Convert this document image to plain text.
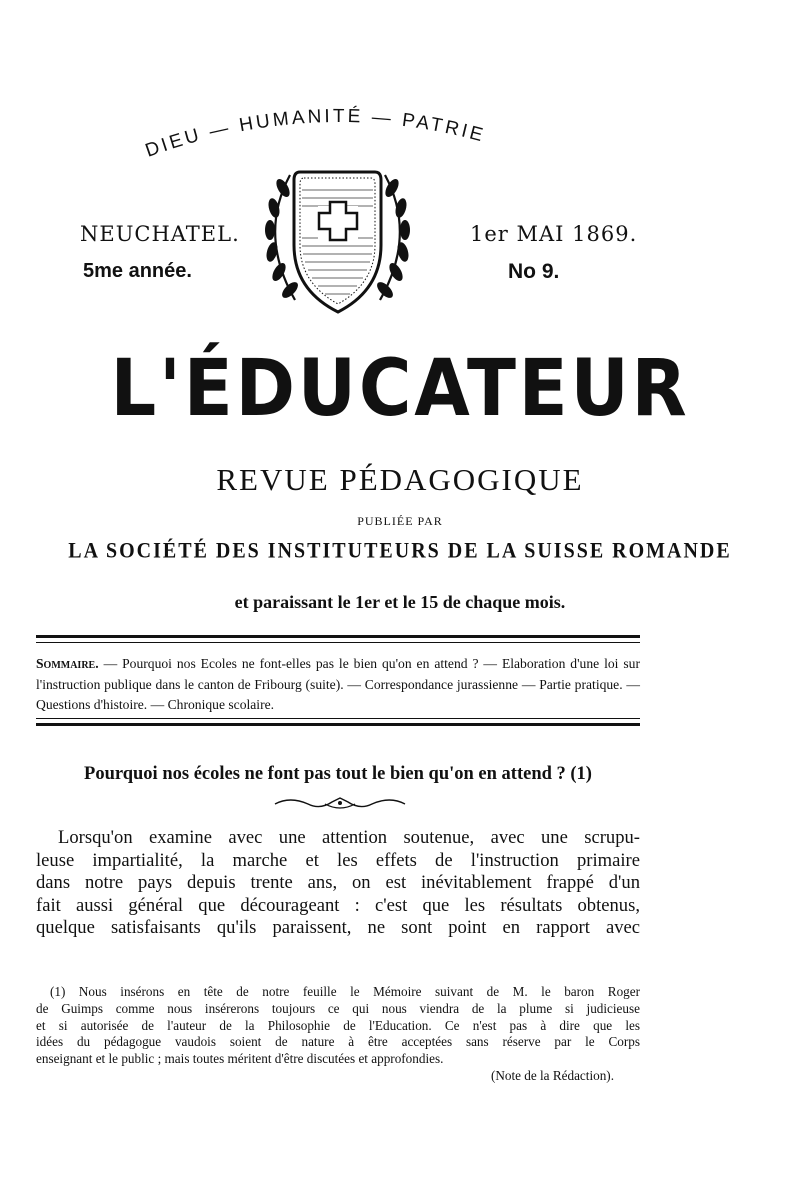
DIEU — HUMANITÉ — PATRIE
NEUCHATEL.
5me année.
1er MAI 1869.
No 9.
L'ÉDUCATEUR
REVUE PÉDAGOGIQUE
PUBLIÉE PAR
LA SOCIÉTÉ DES INSTITUTEURS DE LA SUISSE ROMANDE
et paraissant le 1er et le 15 de chaque mois.
Sommaire. — Pourquoi nos Ecoles ne font-elles pas le bien qu'on en attend ? — Elaboration d'une loi sur l'instruction publique dans le canton de Fribourg (suite). — Correspondance jurassienne — Partie pratique. — Questions d'histoire. — Chronique scolaire.
Pourquoi nos écoles ne font pas tout le bien qu'on en attend ? (1)
Lorsqu'on examine avec une attention soutenue, avec une scrupu-
leuse impartialité, la marche et les effets de l'instruction primaire
dans notre pays depuis trente ans, on est inévitablement frappé d'un
fait aussi général que décourageant : c'est que les résultats obtenus,
quelque satisfaisants qu'ils paraissent, ne sont point en rapport avec
(1) Nous insérons en tête de notre feuille le Mémoire suivant de M. le baron Roger
de Guimps comme nous insérerons toujours ce qui nous viendra de la plume si judicieuse
et si autorisée de l'auteur de la Philosophie de l'Education. Ce n'est pas à dire que les
idées du pédagogue vaudois soient de nature à être acceptées sans réserve par le Corps
enseignant et le public ; mais toutes méritent d'être discutées et approfondies.
(Note de la Rédaction).
